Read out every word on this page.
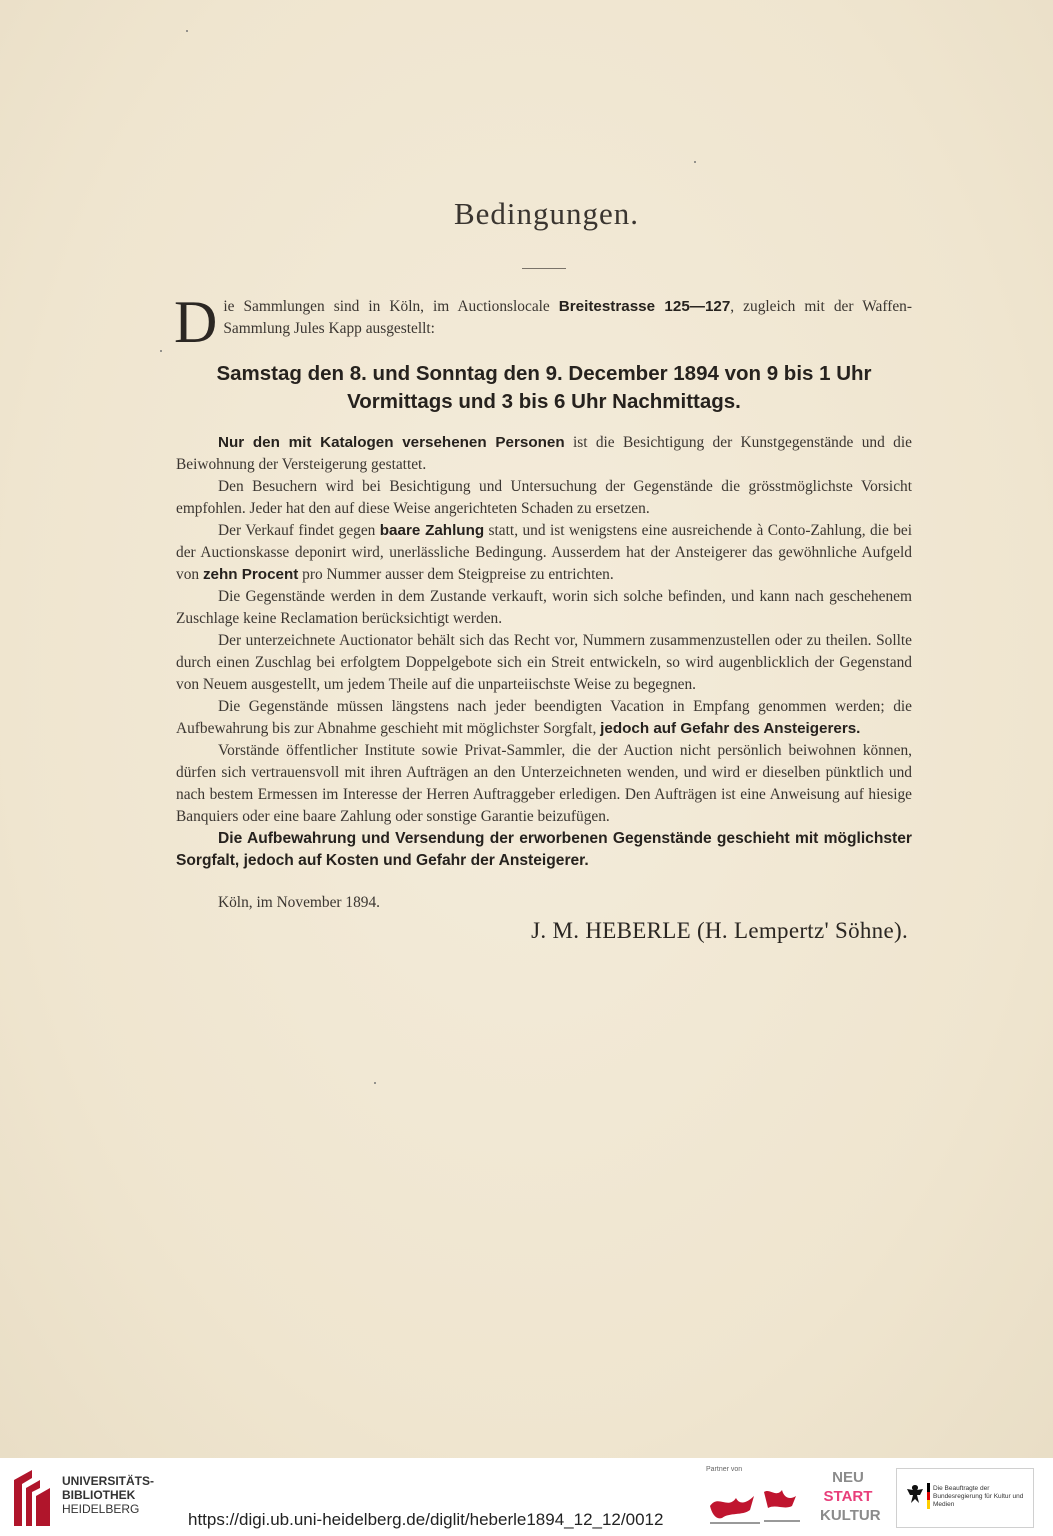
Bedingungen.

Die Sammlungen sind in Köln, im Auctionslocale Breitestrasse 125—127, zugleich mit der Waffen-Sammlung Jules Kapp ausgestellt:

Samstag den 8. und Sonntag den 9. December 1894 von 9 bis 1 Uhr
Vormittags und 3 bis 6 Uhr Nachmittags.

Nur den mit Katalogen versehenen Personen ist die Besichtigung der Kunstgegenstände und die Beiwohnung der Versteigerung gestattet.

Den Besuchern wird bei Besichtigung und Untersuchung der Gegenstände die grösstmöglichste Vorsicht empfohlen. Jeder hat den auf diese Weise angerichteten Schaden zu ersetzen.

Der Verkauf findet gegen baare Zahlung statt, und ist wenigstens eine ausreichende à Conto-Zahlung, die bei der Auctionskasse deponirt wird, unerlässliche Bedingung. Ausserdem hat der Ansteigerer das gewöhnliche Aufgeld von zehn Procent pro Nummer ausser dem Steigpreise zu entrichten.

Die Gegenstände werden in dem Zustande verkauft, worin sich solche befinden, und kann nach geschehenem Zuschlage keine Reclamation berücksichtigt werden.

Der unterzeichnete Auctionator behält sich das Recht vor, Nummern zusammenzustellen oder zu theilen. Sollte durch einen Zuschlag bei erfolgtem Doppelgebote sich ein Streit entwickeln, so wird augenblicklich der Gegenstand von Neuem ausgestellt, um jedem Theile auf die unparteiischste Weise zu begegnen.

Die Gegenstände müssen längstens nach jeder beendigten Vacation in Empfang genommen werden; die Aufbewahrung bis zur Abnahme geschieht mit möglichster Sorgfalt, jedoch auf Gefahr des Ansteigerers.

Vorstände öffentlicher Institute sowie Privat-Sammler, die der Auction nicht persönlich beiwohnen können, dürfen sich vertrauensvoll mit ihren Aufträgen an den Unterzeichneten wenden, und wird er dieselben pünktlich und nach bestem Ermessen im Interesse der Herren Auftraggeber erledigen. Den Aufträgen ist eine Anweisung auf hiesige Banquiers oder eine baare Zahlung oder sonstige Garantie beizufügen.

Die Aufbewahrung und Versendung der erworbenen Gegenstände geschieht mit möglichster Sorgfalt, jedoch auf Kosten und Gefahr der Ansteigerer.

Köln, im November 1894.

J. M. HEBERLE (H. Lempertz' Söhne).
UNIVERSITÄTS-
BIBLIOTHEK
HEIDELBERG
https://digi.ub.uni-heidelberg.de/diglit/heberle1894_12_12/0012
Partner von	NEU
START
KULTUR
Die Beauftragte der Bundesregierung für Kultur und Medien
